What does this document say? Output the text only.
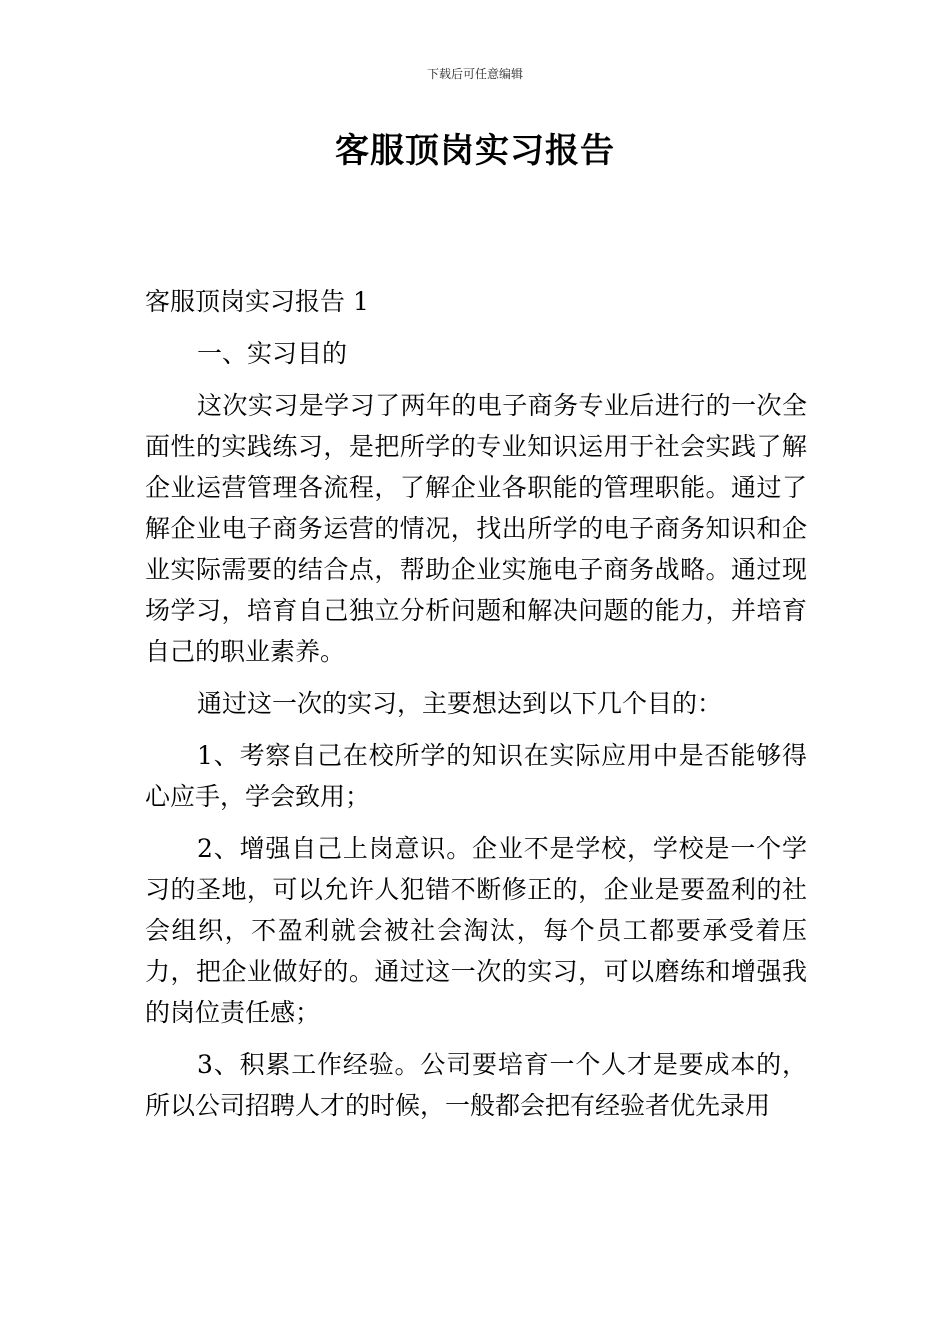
下载后可任意编辑
客服顶岗实习报告

客服顶岗实习报告 1

一、实习目的

这次实习是学习了两年的电子商务专业后进行的一次全面性的实践练习，是把所学的专业知识运用于社会实践了解企业运营管理各流程，了解企业各职能的管理职能。通过了解企业电子商务运营的情况，找出所学的电子商务知识和企业实际需要的结合点，帮助企业实施电子商务战略。通过现场学习，培育自己独立分析问题和解决问题的能力，并培育自己的职业素养。

通过这一次的实习，主要想达到以下几个目的：

1、考察自己在校所学的知识在实际应用中是否能够得心应手，学会致用；

2、增强自己上岗意识。企业不是学校，学校是一个学习的圣地，可以允许人犯错不断修正的，企业是要盈利的社会组织，不盈利就会被社会淘汰，每个员工都要承受着压力，把企业做好的。通过这一次的实习，可以磨练和增强我的岗位责任感；

3、积累工作经验。公司要培育一个人才是要成本的，所以公司招聘人才的时候，一般都会把有经验者优先录用
